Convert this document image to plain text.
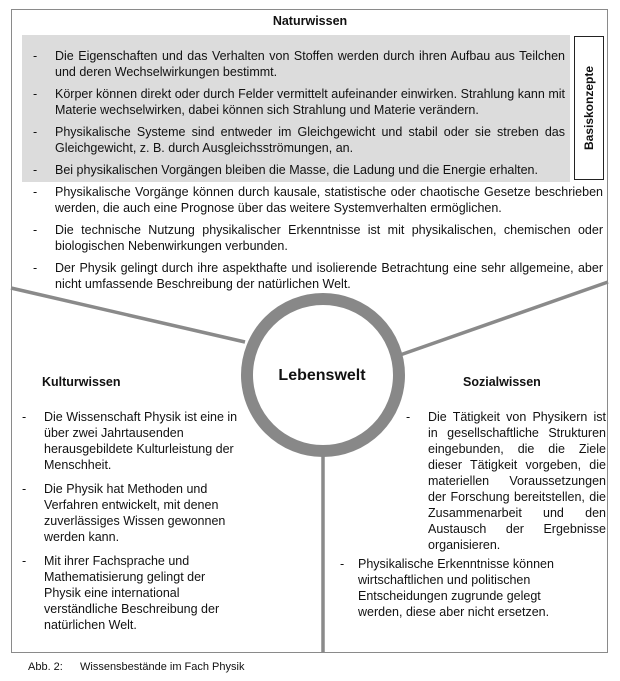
Naturwissen
Basiskonzepte
- Die Eigenschaften und das Verhalten von Stoffen werden durch ihren Aufbau aus Teilchen und deren Wechselwirkungen bestimmt.
- Körper können direkt oder durch Felder vermittelt aufeinander einwirken. Strahlung kann mit Materie wechselwirken, dabei können sich Strahlung und Materie verändern.
- Physikalische Systeme sind entweder im Gleichgewicht und stabil oder sie streben das Gleichgewicht, z. B. durch Ausgleichsströmungen, an.
- Bei physikalischen Vorgängen bleiben die Masse, die Ladung und die Energie erhalten.
- Physikalische Vorgänge können durch kausale, statistische oder chaotische Gesetze beschrieben werden, die auch eine Prognose über das weitere Systemverhalten ermöglichen.
- Die technische Nutzung physikalischer Erkenntnisse ist mit physikalischen, chemischen oder biologischen Nebenwirkungen verbunden.
- Der Physik gelingt durch ihre aspekthafte und isolierende Betrachtung eine sehr allgemeine, aber nicht umfassende Beschreibung der natürlichen Welt.
Lebenswelt
Kulturwissen
- Die Wissenschaft Physik ist eine in über zwei Jahrtausenden herausgebildete Kulturleistung der Menschheit.
- Die Physik hat Methoden und Verfahren entwickelt, mit denen zuverlässiges Wissen gewonnen werden kann.
- Mit ihrer Fachsprache und Mathematisierung gelingt der Physik eine international verständliche Beschreibung der natürlichen Welt.
Sozialwissen
- Die Tätigkeit von Physikern ist in gesellschaftliche Strukturen eingebunden, die die Ziele dieser Tätigkeit vorgeben, die materiellen Voraussetzungen der Forschung bereitstellen, die Zusammenarbeit und den Austausch der Ergebnisse organisieren.
- Physikalische Erkenntnisse können wirtschaftlichen und politischen Entscheidungen zugrunde gelegt werden, diese aber nicht ersetzen.
Abb. 2: Wissensbestände im Fach Physik
